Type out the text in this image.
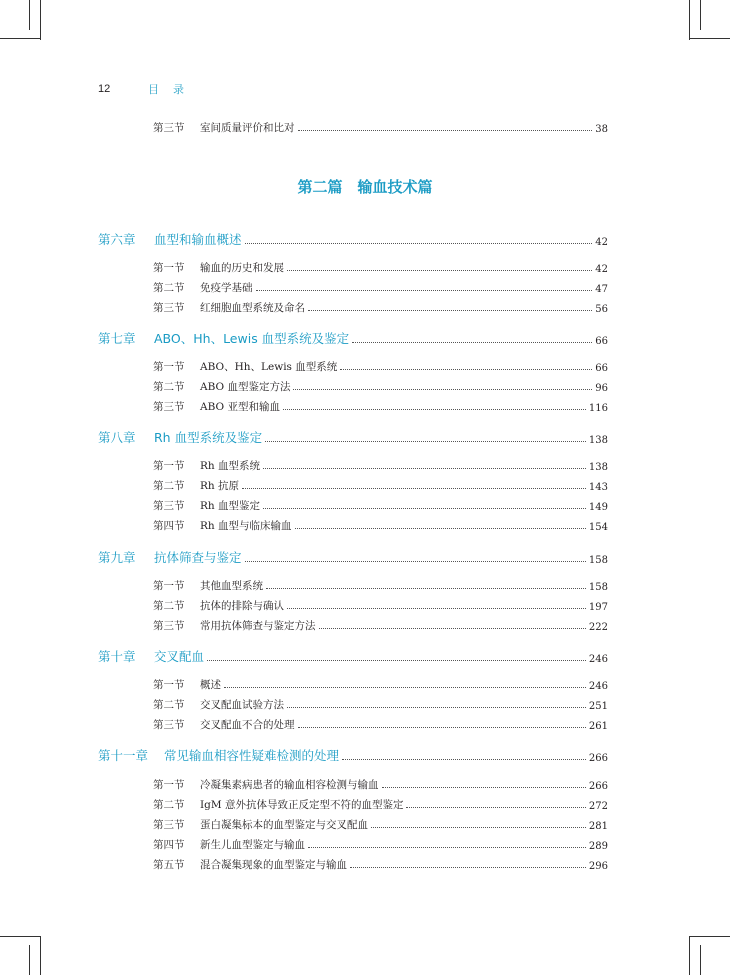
12	目录
第三节	室间质量评价和比对	38
第二篇　输血技术篇
第六章	血型和输血概述	42
第一节	输血的历史和发展	42
第二节	免疫学基础	47
第三节	红细胞血型系统及命名	56
第七章	ABO、Hh、Lewis 血型系统及鉴定	66
第一节	ABO、Hh、Lewis 血型系统	66
第二节	ABO 血型鉴定方法	96
第三节	ABO 亚型和输血	116
第八章	Rh 血型系统及鉴定	138
第一节	Rh 血型系统	138
第二节	Rh 抗原	143
第三节	Rh 血型鉴定	149
第四节	Rh 血型与临床输血	154
第九章	抗体筛查与鉴定	158
第一节	其他血型系统	158
第二节	抗体的排除与确认	197
第三节	常用抗体筛查与鉴定方法	222
第十章	交叉配血	246
第一节	概述	246
第二节	交叉配血试验方法	251
第三节	交叉配血不合的处理	261
第十一章	常见输血相容性疑难检测的处理	266
第一节	冷凝集素病患者的输血相容检测与输血	266
第二节	IgM 意外抗体导致正反定型不符的血型鉴定	272
第三节	蛋白凝集标本的血型鉴定与交叉配血	281
第四节	新生儿血型鉴定与输血	289
第五节	混合凝集现象的血型鉴定与输血	296
